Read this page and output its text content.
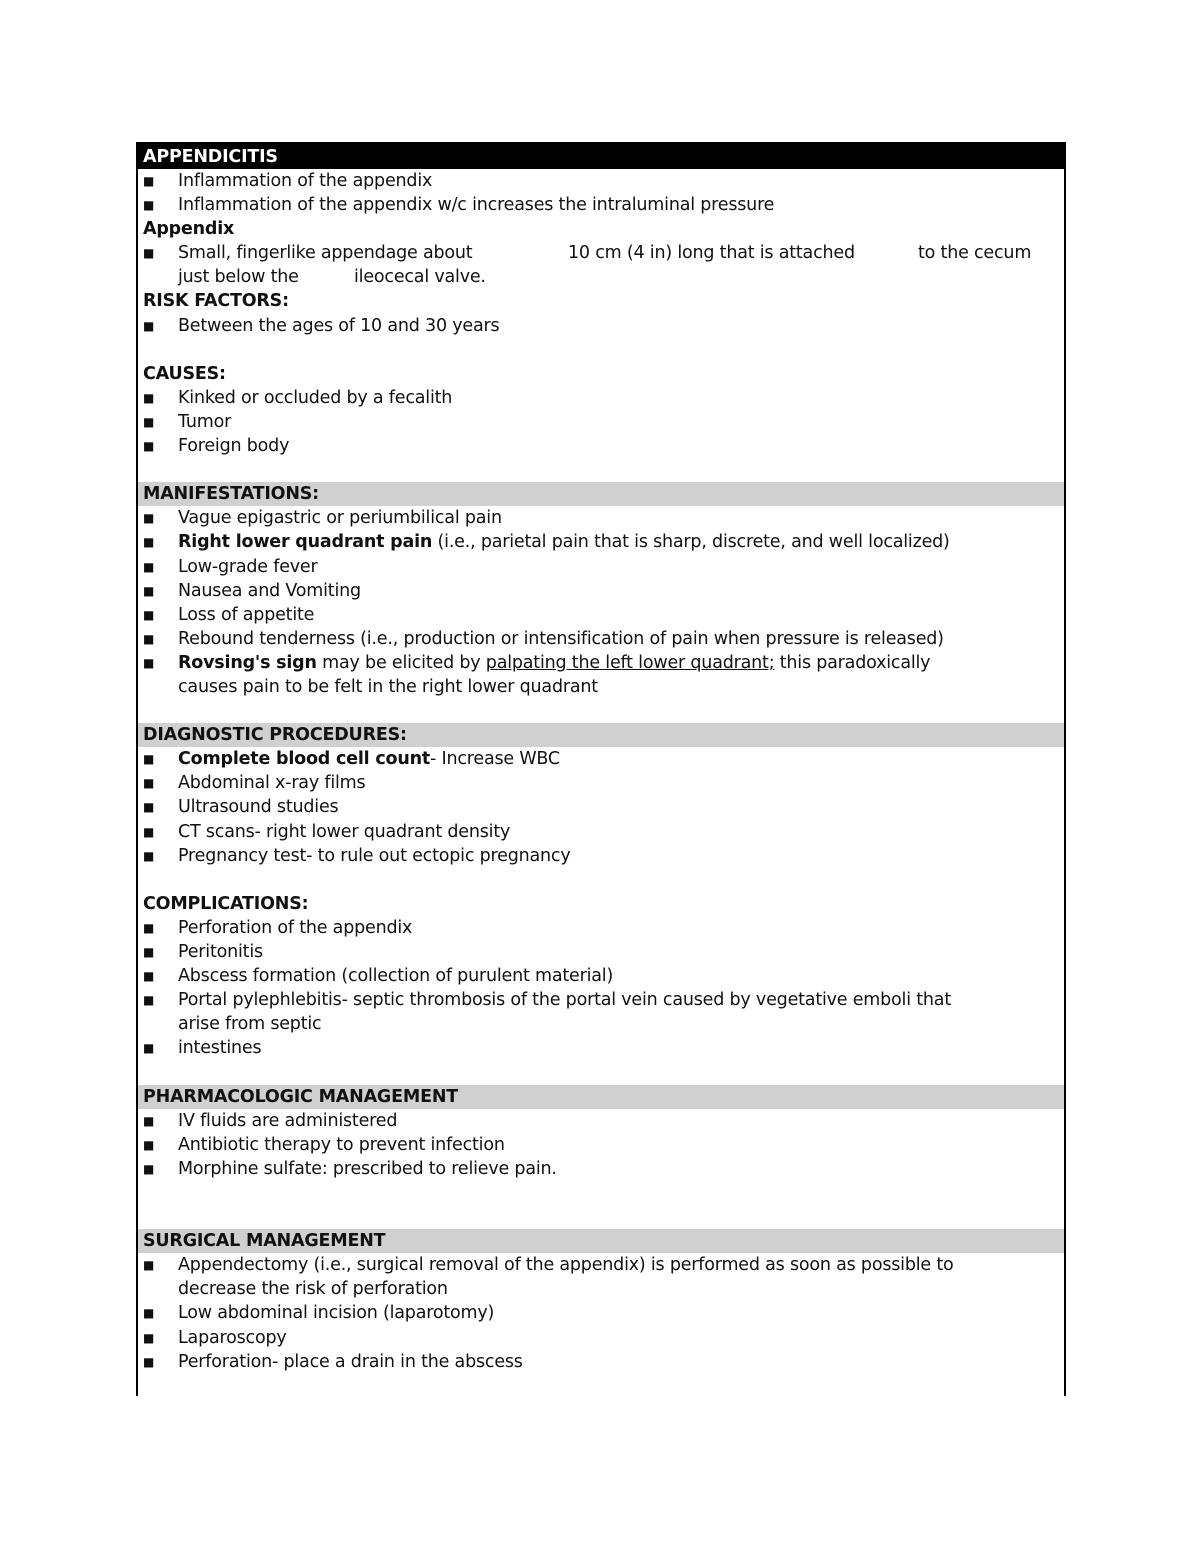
APPENDICITIS
■ Inflammation of the appendix
■ Inflammation of the appendix w/c increases the intraluminal pressure
Appendix
■ Small, fingerlike appendage about	10 cm (4 in) long that is attached	to the cecum
just below the	ileocecal valve.
RISK FACTORS:
■ Between the ages of 10 and 30 years
CAUSES:
■ Kinked or occluded by a fecalith
■ Tumor
■ Foreign body
MANIFESTATIONS:
■ Vague epigastric or periumbilical pain
■ Right lower quadrant pain (i.e., parietal pain that is sharp, discrete, and well localized)
■ Low-grade fever
■ Nausea and Vomiting
■ Loss of appetite
■ Rebound tenderness (i.e., production or intensification of pain when pressure is released)
■ Rovsing's sign may be elicited by palpating the left lower quadrant; this paradoxically
causes pain to be felt in the right lower quadrant
DIAGNOSTIC PROCEDURES:
■ Complete blood cell count- Increase WBC
■ Abdominal x-ray films
■ Ultrasound studies
■ CT scans- right lower quadrant density
■ Pregnancy test- to rule out ectopic pregnancy
COMPLICATIONS:
■ Perforation of the appendix
■ Peritonitis
■ Abscess formation (collection of purulent material)
■ Portal pylephlebitis- septic thrombosis of the portal vein caused by vegetative emboli that
arise from septic
■ intestines
PHARMACOLOGIC MANAGEMENT
■ IV fluids are administered
■ Antibiotic therapy to prevent infection
■ Morphine sulfate: prescribed to relieve pain.
SURGICAL MANAGEMENT
■ Appendectomy (i.e., surgical removal of the appendix) is performed as soon as possible to
decrease the risk of perforation
■ Low abdominal incision (laparotomy)
■ Laparoscopy
■ Perforation- place a drain in the abscess
